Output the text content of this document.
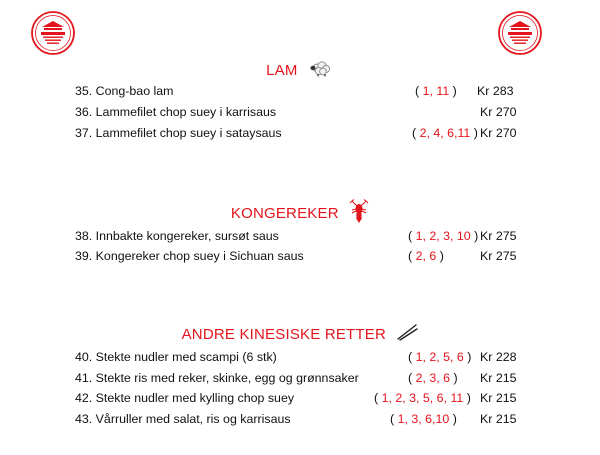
LAM
35. Cong-bao lam	( 1, 11 ) Kr 283
36. Lammefilet chop suey i karrisaus	Kr 270
37. Lammefilet chop suey i sataysaus	( 2, 4, 6,11 ) Kr 270
KONGEREKER
38. Innbakte kongereker, sursøt saus	( 1, 2, 3, 10 ) Kr 275
39. Kongereker chop suey i Sichuan saus	( 2, 6 )	Kr 275
ANDRE KINESISKE RETTER
40. Stekte nudler med scampi (6 stk)	( 1, 2, 5, 6 ) Kr 228
41. Stekte ris med reker, skinke, egg og grønnsaker	( 2, 3, 6 ) Kr 215
42. Stekte nudler med kylling chop suey	( 1, 2, 3, 5, 6, 11 ) Kr 215
43. Vårruller med salat, ris og karrisaus	( 1, 3, 6,10 ) Kr 215
